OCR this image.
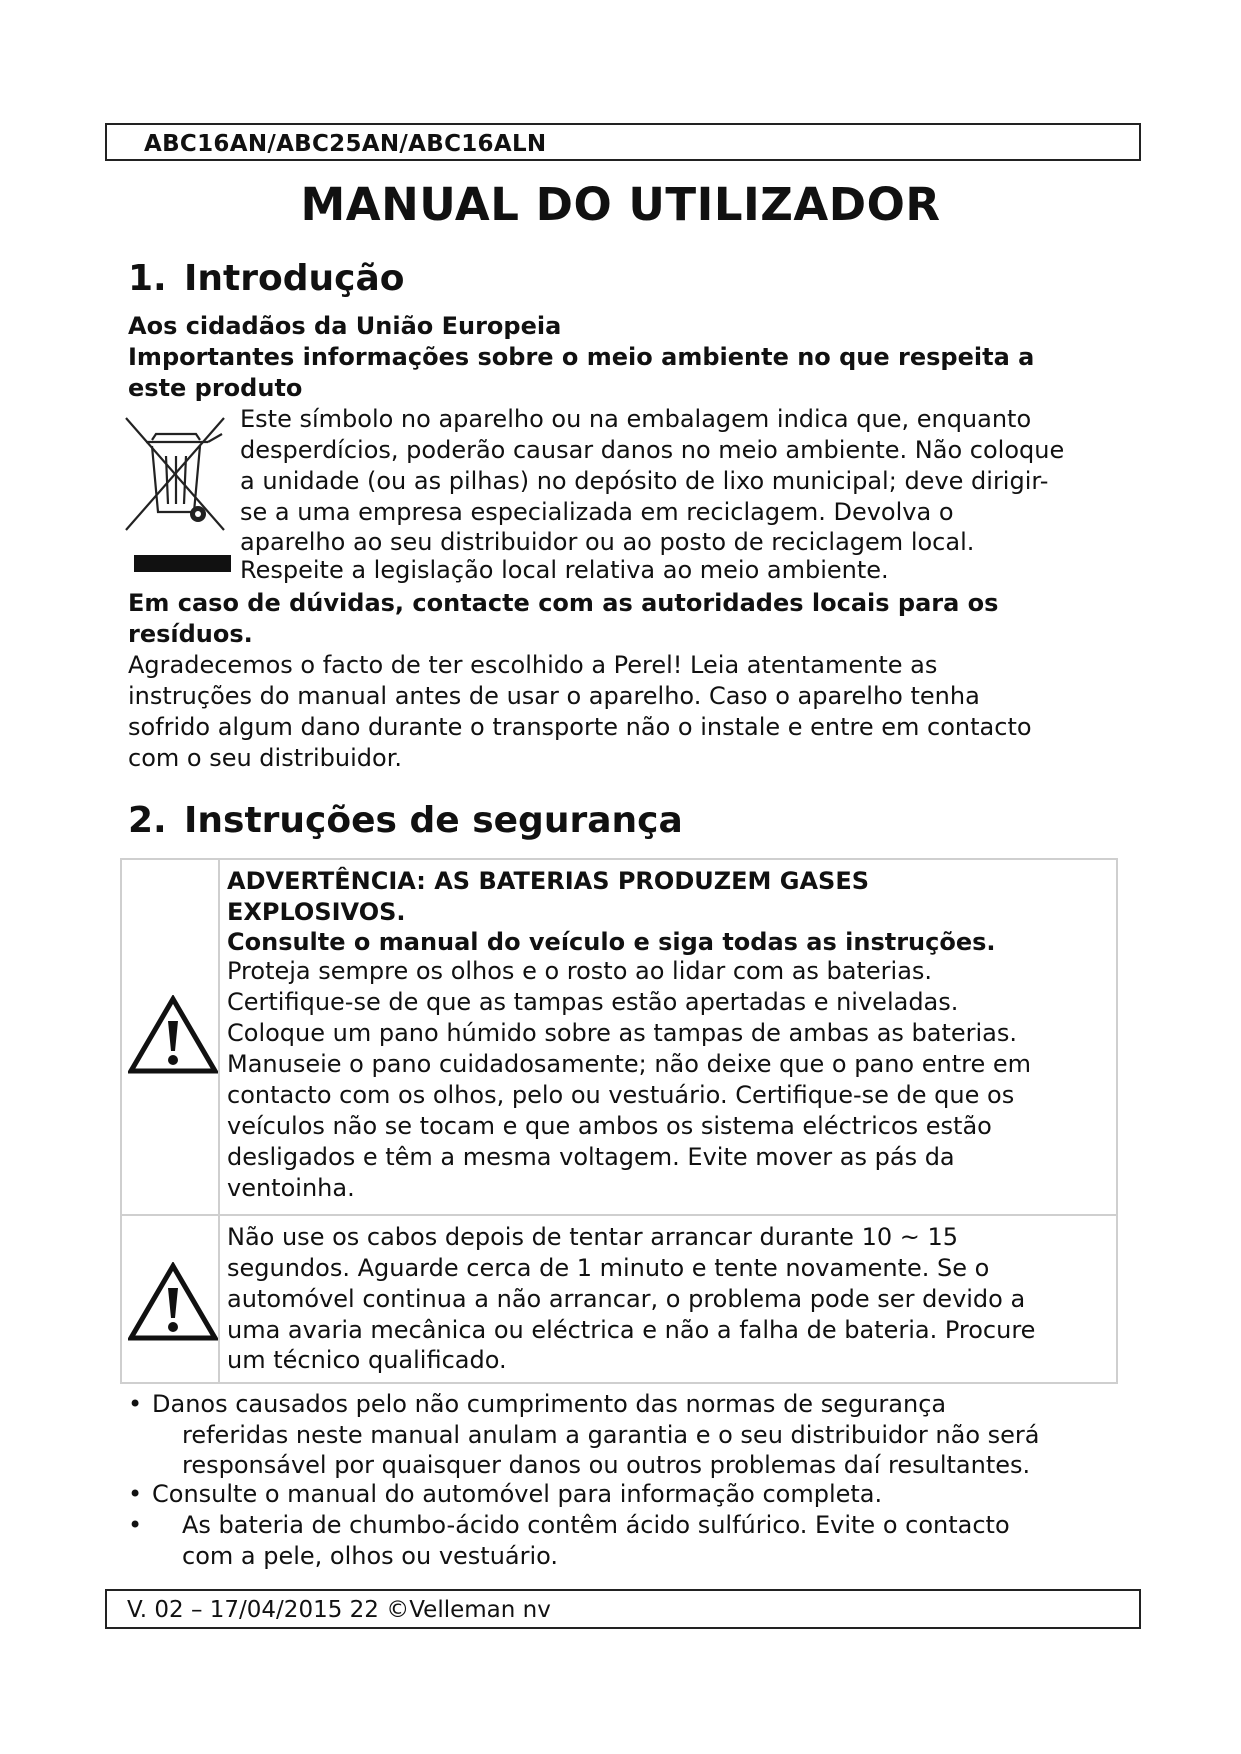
ABC16AN/ABC25AN/ABC16ALN
MANUAL DO UTILIZADOR
1. Introdução
Aos cidadãos da União Europeia
Importantes informações sobre o meio ambiente no que respeita a
este produto
Este símbolo no aparelho ou na embalagem indica que, enquanto
desperdícios, poderão causar danos no meio ambiente. Não coloque
a unidade (ou as pilhas) no depósito de lixo municipal; deve dirigir-
se a uma empresa especializada em reciclagem. Devolva o
aparelho ao seu distribuidor ou ao posto de reciclagem local.
Respeite a legislação local relativa ao meio ambiente.
Em caso de dúvidas, contacte com as autoridades locais para os
resíduos.
Agradecemos o facto de ter escolhido a Perel! Leia atentamente as
instruções do manual antes de usar o aparelho. Caso o aparelho tenha
sofrido algum dano durante o transporte não o instale e entre em contacto
com o seu distribuidor.
2. Instruções de segurança
ADVERTÊNCIA: AS BATERIAS PRODUZEM GASES
EXPLOSIVOS.
Consulte o manual do veículo e siga todas as instruções.
Proteja sempre os olhos e o rosto ao lidar com as baterias.
Certifique-se de que as tampas estão apertadas e niveladas.
Coloque um pano húmido sobre as tampas de ambas as baterias.
Manuseie o pano cuidadosamente; não deixe que o pano entre em
contacto com os olhos, pelo ou vestuário. Certifique-se de que os
veículos não se tocam e que ambos os sistema eléctricos estão
desligados e têm a mesma voltagem. Evite mover as pás da
ventoinha.
Não use os cabos depois de tentar arrancar durante 10 ~ 15
segundos. Aguarde cerca de 1 minuto e tente novamente. Se o
automóvel continua a não arrancar, o problema pode ser devido a
uma avaria mecânica ou eléctrica e não a falha de bateria. Procure
um técnico qualificado.
• Danos causados pelo não cumprimento das normas de segurança
referidas neste manual anulam a garantia e o seu distribuidor não será
responsável por quaisquer danos ou outros problemas daí resultantes.
• Consulte o manual do automóvel para informação completa.
•	As bateria de chumbo-ácido contêm ácido sulfúrico. Evite o contacto
com a pele, olhos ou vestuário.
V. 02 – 17/04/2015 22 ©Velleman nv
